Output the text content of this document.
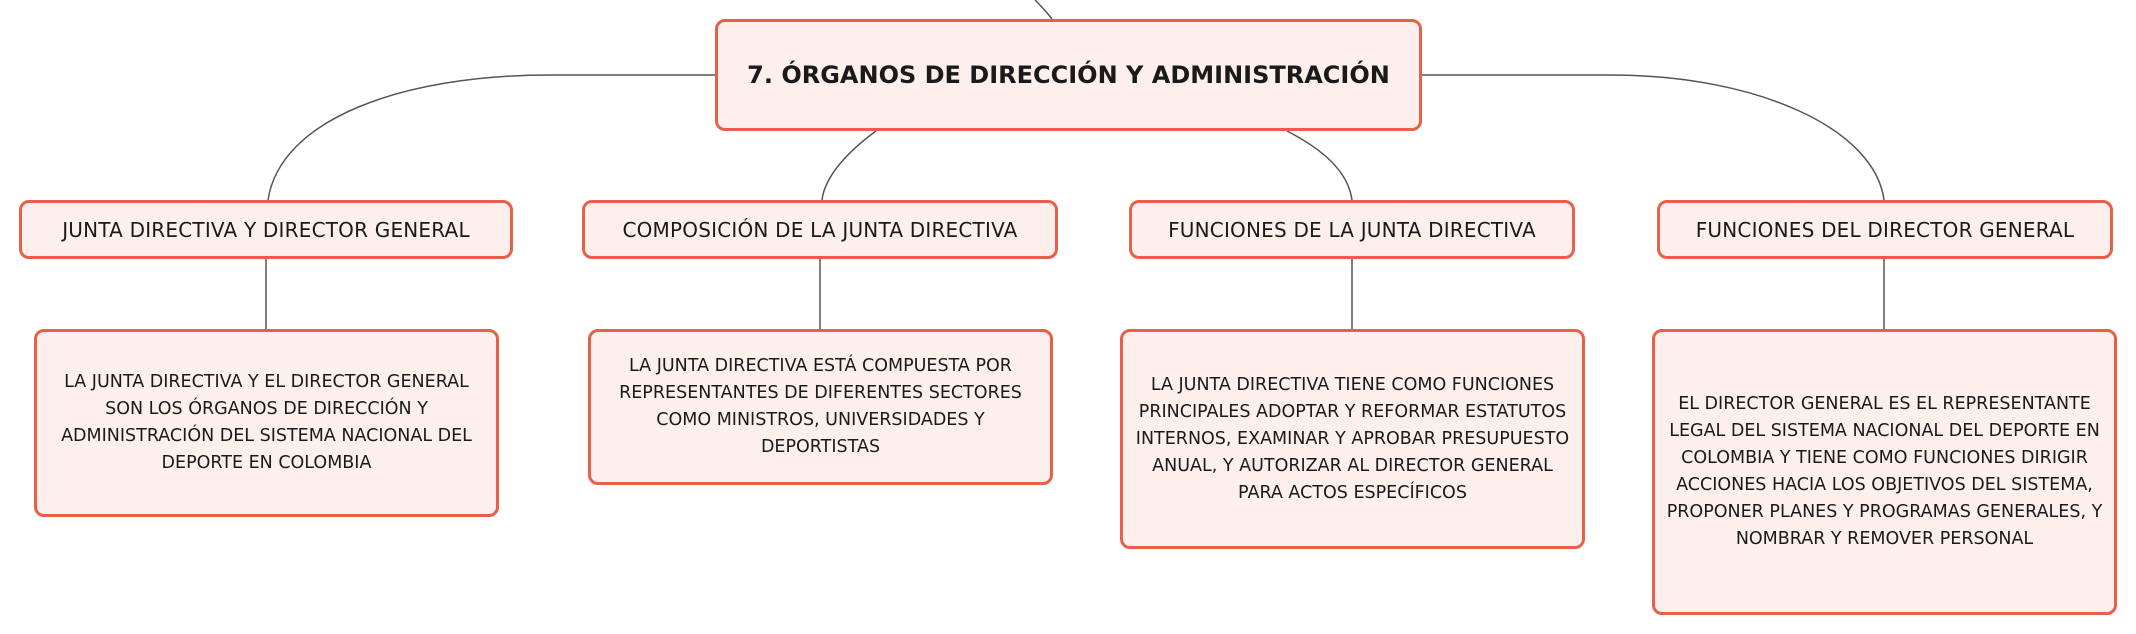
7. ÓRGANOS DE DIRECCIÓN Y ADMINISTRACIÓN
JUNTA DIRECTIVA Y DIRECTOR GENERAL	COMPOSICIÓN DE LA JUNTA DIRECTIVA	FUNCIONES DE LA JUNTA DIRECTIVA	FUNCIONES DEL DIRECTOR GENERAL
LA JUNTA DIRECTIVA Y EL DIRECTOR GENERAL SON LOS ÓRGANOS DE DIRECCIÓN Y ADMINISTRACIÓN DEL SISTEMA NACIONAL DEL DEPORTE EN COLOMBIA
LA JUNTA DIRECTIVA ESTÁ COMPUESTA POR REPRESENTANTES DE DIFERENTES SECTORES COMO MINISTROS, UNIVERSIDADES Y DEPORTISTAS
LA JUNTA DIRECTIVA TIENE COMO FUNCIONES PRINCIPALES ADOPTAR Y REFORMAR ESTATUTOS INTERNOS, EXAMINAR Y APROBAR PRESUPUESTO ANUAL, Y AUTORIZAR AL DIRECTOR GENERAL PARA ACTOS ESPECÍFICOS
EL DIRECTOR GENERAL ES EL REPRESENTANTE LEGAL DEL SISTEMA NACIONAL DEL DEPORTE EN COLOMBIA Y TIENE COMO FUNCIONES DIRIGIR ACCIONES HACIA LOS OBJETIVOS DEL SISTEMA, PROPONER PLANES Y PROGRAMAS GENERALES, Y NOMBRAR Y REMOVER PERSONAL
